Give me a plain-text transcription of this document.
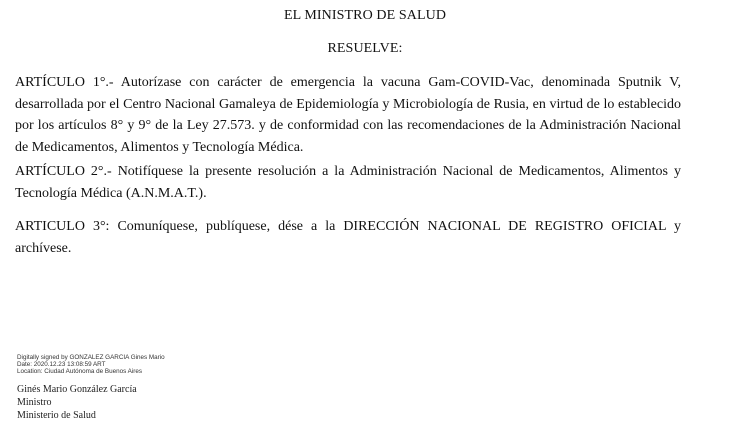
EL MINISTRO DE SALUD
RESUELVE:
ARTÍCULO 1°.- Autorízase con carácter de emergencia la vacuna Gam-COVID-Vac, denominada Sputnik V, desarrollada por el Centro Nacional Gamaleya de Epidemiología y Microbiología de Rusia, en virtud de lo establecido por los artículos 8° y 9° de la Ley 27.573. y de conformidad con las recomendaciones de la Administración Nacional de Medicamentos, Alimentos y Tecnología Médica.
ARTÍCULO 2°.- Notifíquese la presente resolución a la Administración Nacional de Medicamentos, Alimentos y Tecnología Médica (A.N.M.A.T.).
ARTICULO 3°: Comuníquese, publíquese, dése a la DIRECCIÓN NACIONAL DE REGISTRO OFICIAL y archívese.
Digitally signed by GONZALEZ GARCIA Gines Mario
Date: 2020.12.23 13:08:59 ART
Location: Ciudad Autónoma de Buenos Aires
Ginés Mario González García
Ministro
Ministerio de Salud
